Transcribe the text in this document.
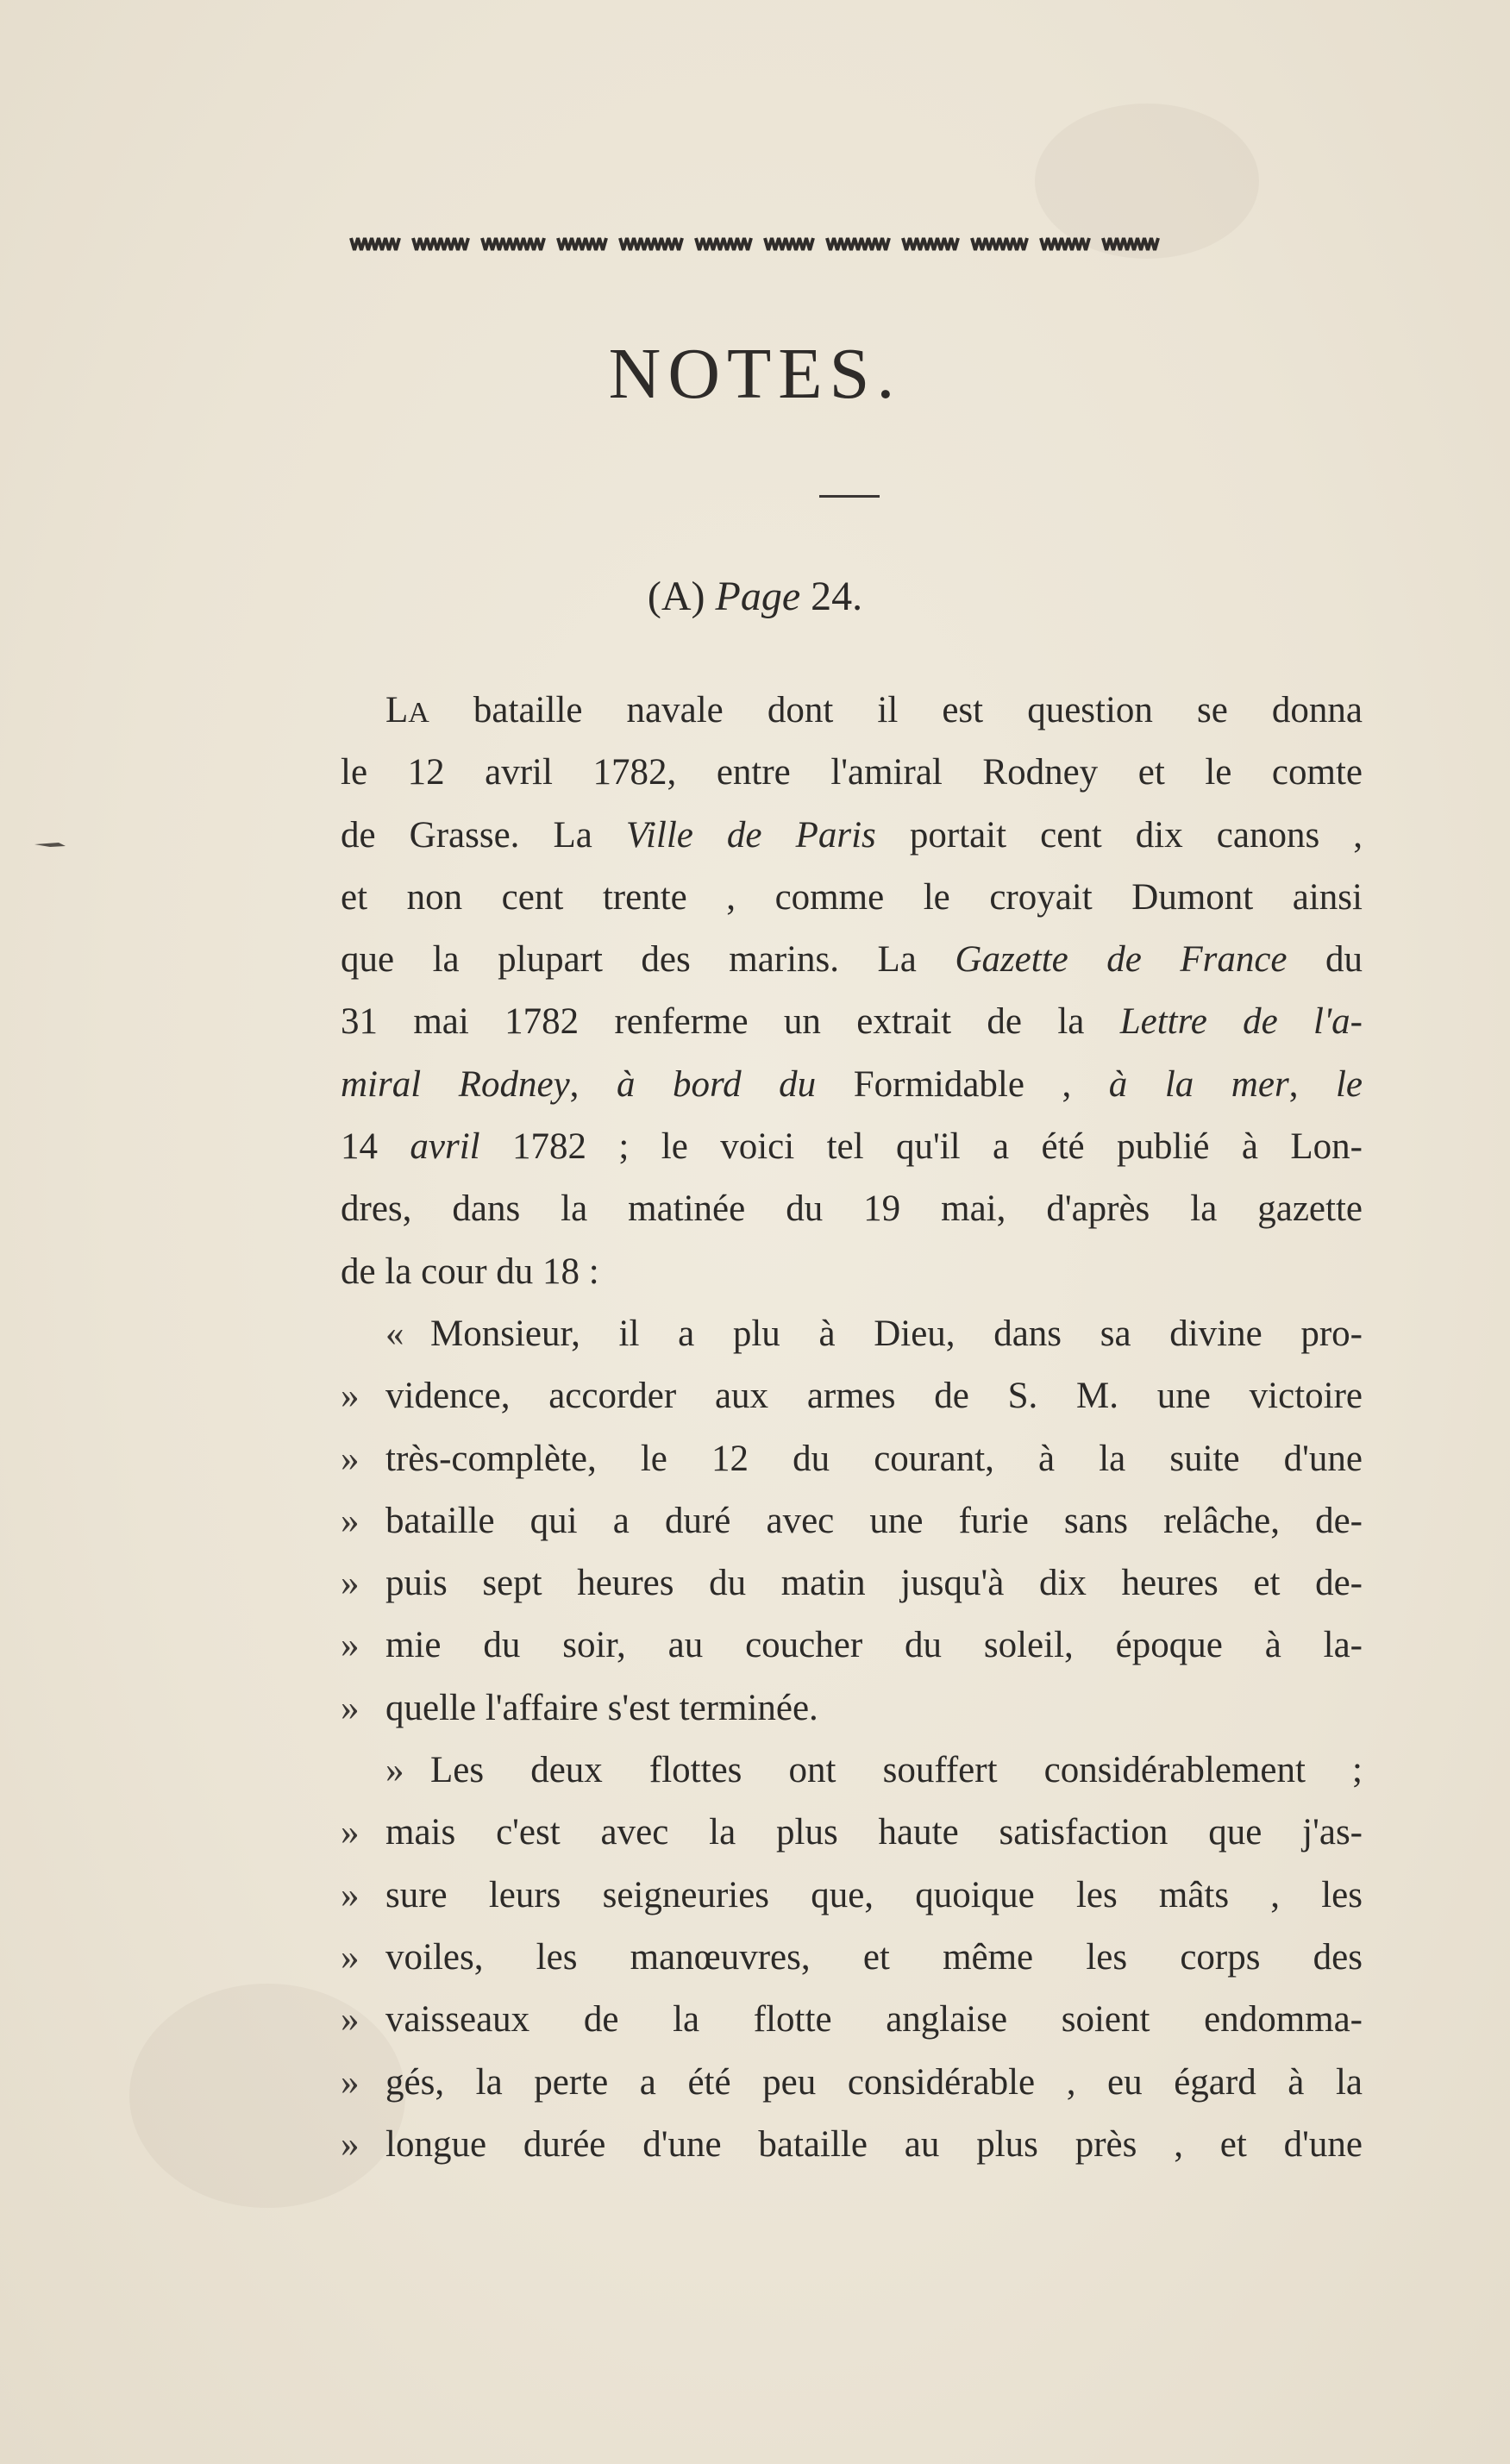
NOTES.
(A) Page 24.
LA bataille navale dont il est question se donna
le 12 avril 1782, entre l'amiral Rodney et le comte
de Grasse. La Ville de Paris portait cent dix canons ,
et non cent trente , comme le croyait Dumont ainsi
que la plupart des marins. La Gazette de France du
31 mai 1782 renferme un extrait de la Lettre de l'a-
miral Rodney, à bord du Formidable , à la mer, le
14 avril 1782 ; le voici tel qu'il a été publié à Lon-
dres, dans la matinée du 19 mai, d'après la gazette
de la cour du 18 :
« Monsieur, il a plu à Dieu, dans sa divine pro-
» vidence, accorder aux armes de S. M. une victoire
» très-complète, le 12 du courant, à la suite d'une
» bataille qui a duré avec une furie sans relâche, de-
» puis sept heures du matin jusqu'à dix heures et de-
» mie du soir, au coucher du soleil, époque à la-
» quelle l'affaire s'est terminée.
» Les deux flottes ont souffert considérablement ;
» mais c'est avec la plus haute satisfaction que j'as-
» sure leurs seigneuries que, quoique les mâts , les
» voiles, les manœuvres, et même les corps des
» vaisseaux de la flotte anglaise soient endomma-
» gés, la perte a été peu considérable , eu égard à la
» longue durée d'une bataille au plus près , et d'une
